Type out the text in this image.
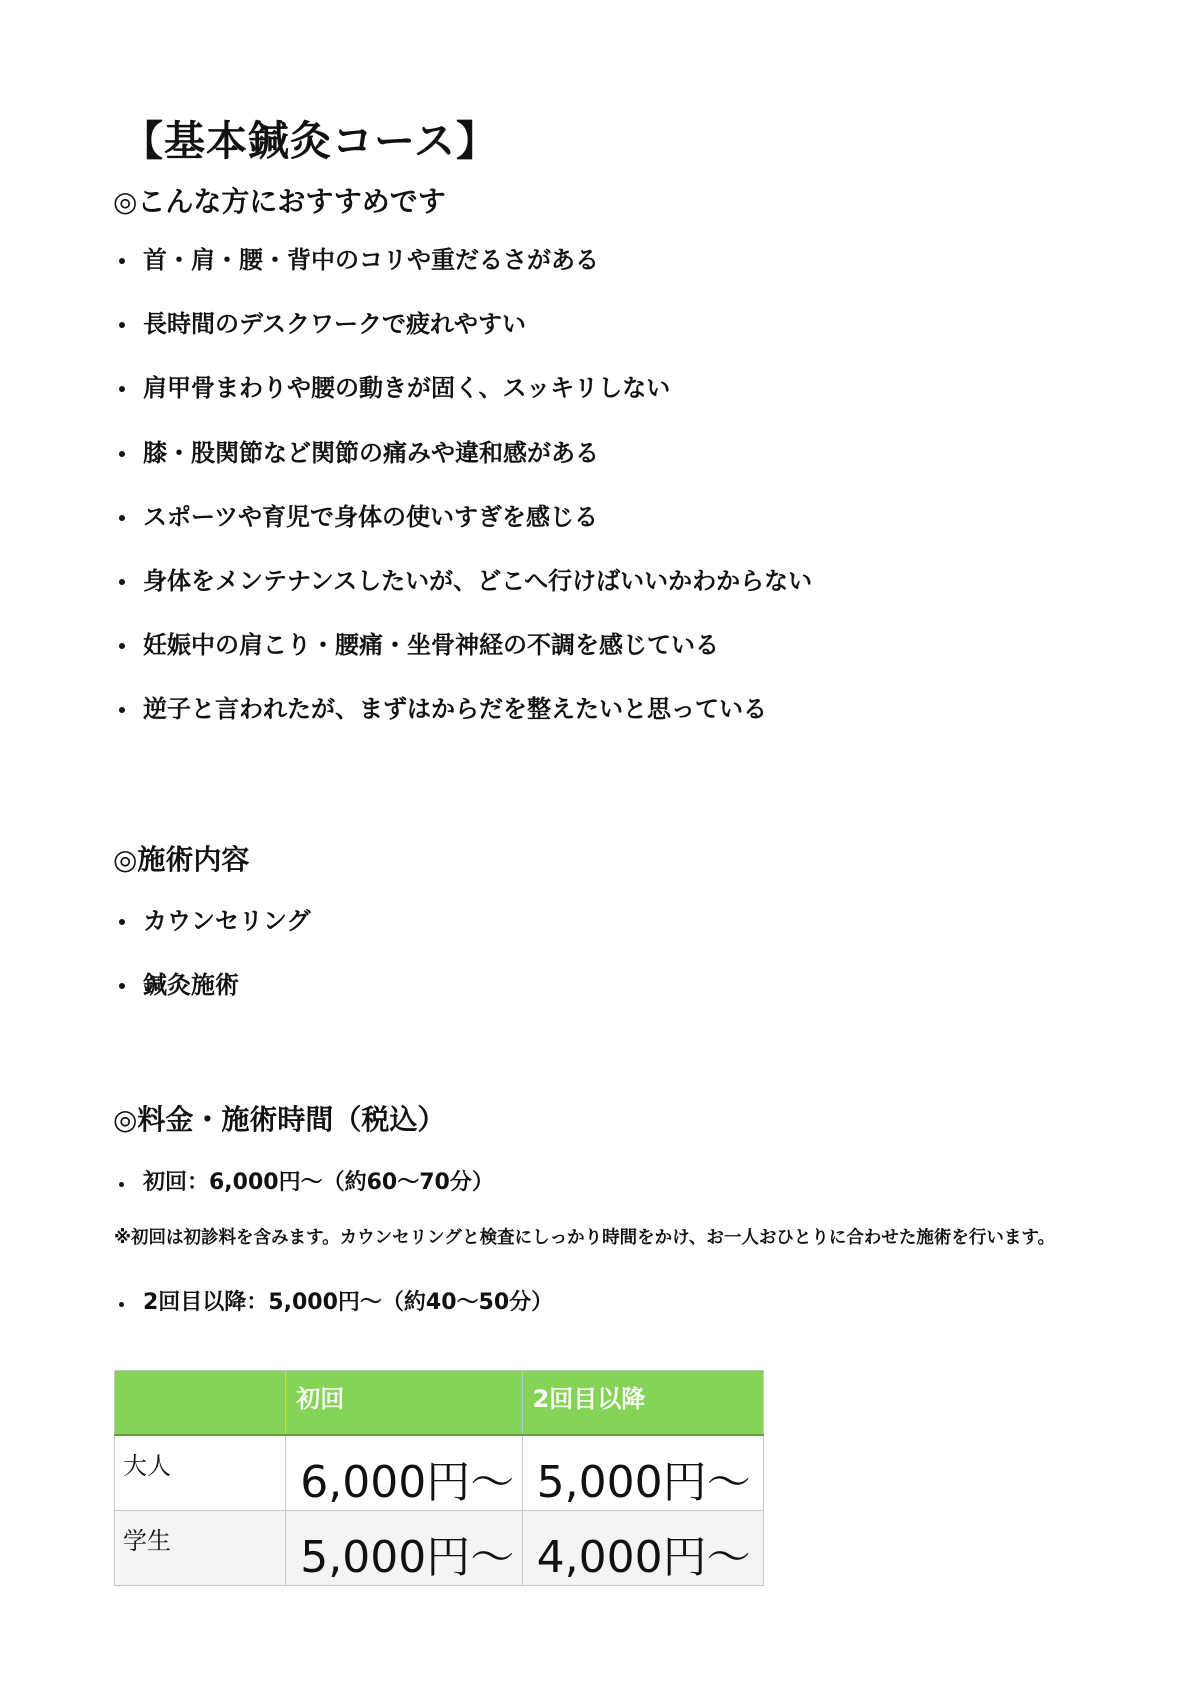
【基本鍼灸コース】
◎こんな方におすすめです
首・肩・腰・背中のコリや重だるさがある
長時間のデスクワークで疲れやすい
肩甲骨まわりや腰の動きが固く、スッキリしない
膝・股関節など関節の痛みや違和感がある
スポーツや育児で身体の使いすぎを感じる
身体をメンテナンスしたいが、どこへ行けばいいかわからない
妊娠中の肩こり・腰痛・坐骨神経の不調を感じている
逆子と言われたが、まずはからだを整えたいと思っている
◎施術内容
カウンセリング
鍼灸施術
◎料金・施術時間（税込）
初回：6,000円〜（約60〜70分）
※初回は初診料を含みます。カウンセリングと検査にしっかり時間をかけ、お一人おひとりに合わせた施術を行います。
2回目以降：5,000円〜（約40〜50分）
	初回	2回目以降
大人	6,000円〜	5,000円〜
学生	5,000円〜	4,000円〜
